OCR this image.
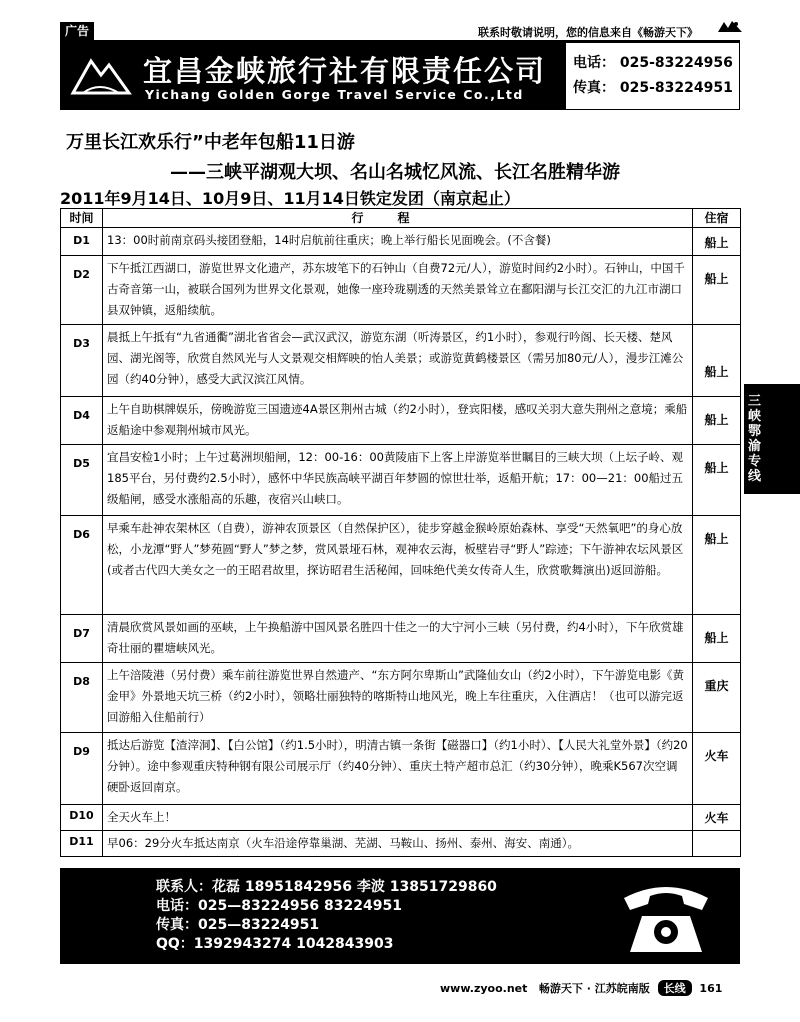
广告	联系时敬请说明，您的信息来自《畅游天下》
宜昌金峡旅行社有限责任公司
Yichang Golden Gorge Travel Service Co.,Ltd
电话： 025-83224956
传真： 025-83224951
万里长江欢乐行”中老年包船11日游
——三峡平湖观大坝、名山名城忆风流、长江名胜精华游
2011年9月14日、10月9日、11月14日铁定发团（南京起止）
时间	行程	住宿
D1	13：00时前南京码头接团登船，14时启航前往重庆；晚上举行船长见面晚会。(不含餐)	船上
D2	下午抵江西湖口，游览世界文化遗产，苏东坡笔下的石钟山（自费72元/人），游览时间约2小时）。石钟山，中国千古奇音第一山，被联合国列为世界文化景观，她像一座玲珑剔透的天然美景耸立在鄱阳湖与长江交汇的九江市湖口县双钟镇，返船续航。	船上
D3	晨抵上午抵有“九省通衢”湖北省省会—武汉武汉，游览东湖（听涛景区，约1小时），参观行吟阁、长天楼、楚风园、湖光阁等，欣赏自然风光与人文景观交相辉映的怡人美景；或游览黄鹤楼景区（需另加80元/人），漫步江滩公园（约40分钟），感受大武汉滨江风情。	船上
D4	上午自助棋牌娱乐，傍晚游览三国遗迹4A景区荆州古城（约2小时），登宾阳楼，感叹关羽大意失荆州之意境；乘船返船途中参观荆州城市风光。	船上
D5	宜昌安检1小时；上午过葛洲坝船闸，12：00-16：00黄陵庙下上客上岸游览举世瞩目的三峡大坝（上坛子岭、观185平台，另付费约2.5小时），感怀中华民族高峡平湖百年梦圆的惊世壮举，返船开航；17：00—21：00船过五级船闸，感受水涨船高的乐趣，夜宿兴山峡口。	船上
D6	早乘车赴神农架林区（自费），游神农顶景区（自然保护区），徒步穿越金猴岭原始森林、享受“天然氧吧”的身心放松，小龙潭“野人”梦苑圆“野人”梦之梦，赏风景垭石林，观神农云海，板壁岩寻“野人”踪迹；下午游神农坛风景区(或者古代四大美女之一的王昭君故里，探访昭君生活秘闻，回味绝代美女传奇人生，欣赏歌舞演出)返回游船。	船上
D7	清晨欣赏风景如画的巫峡，上午换船游中国风景名胜四十佳之一的大宁河小三峡（另付费，约4小时），下午欣赏雄奇壮丽的瞿塘峡风光。	船上
D8	上午涪陵港（另付费）乘车前往游览世界自然遗产、“东方阿尔卑斯山”武隆仙女山（约2小时），下午游览电影《黄金甲》外景地天坑三桥（约2小时），领略壮丽独特的喀斯特山地风光，晚上车往重庆，入住酒店！（也可以游完返回游船入住船前行）	重庆
D9	抵达后游览【渣滓洞】、【白公馆】（约1.5小时），明清古镇一条街【磁器口】（约1小时）、【人民大礼堂外景】（约20分钟）。途中参观重庆特种钢有限公司展示厅（约40分钟）、重庆土特产超市总汇（约30分钟），晚乘K567次空调硬卧返回南京。	火车
D10	全天火车上！	火车
D11	早06：29分火车抵达南京（火车沿途停靠巢湖、芜湖、马鞍山、扬州、泰州、海安、南通）。	
三峡鄂渝专线
联系人：花磊 18951842956 李波 13851729860
电话：025—83224956 83224951
传真：025—83224951
QQ：1392943274 1042843903
www.zyoo.net 畅游天下 · 江苏皖南版 长线 161
